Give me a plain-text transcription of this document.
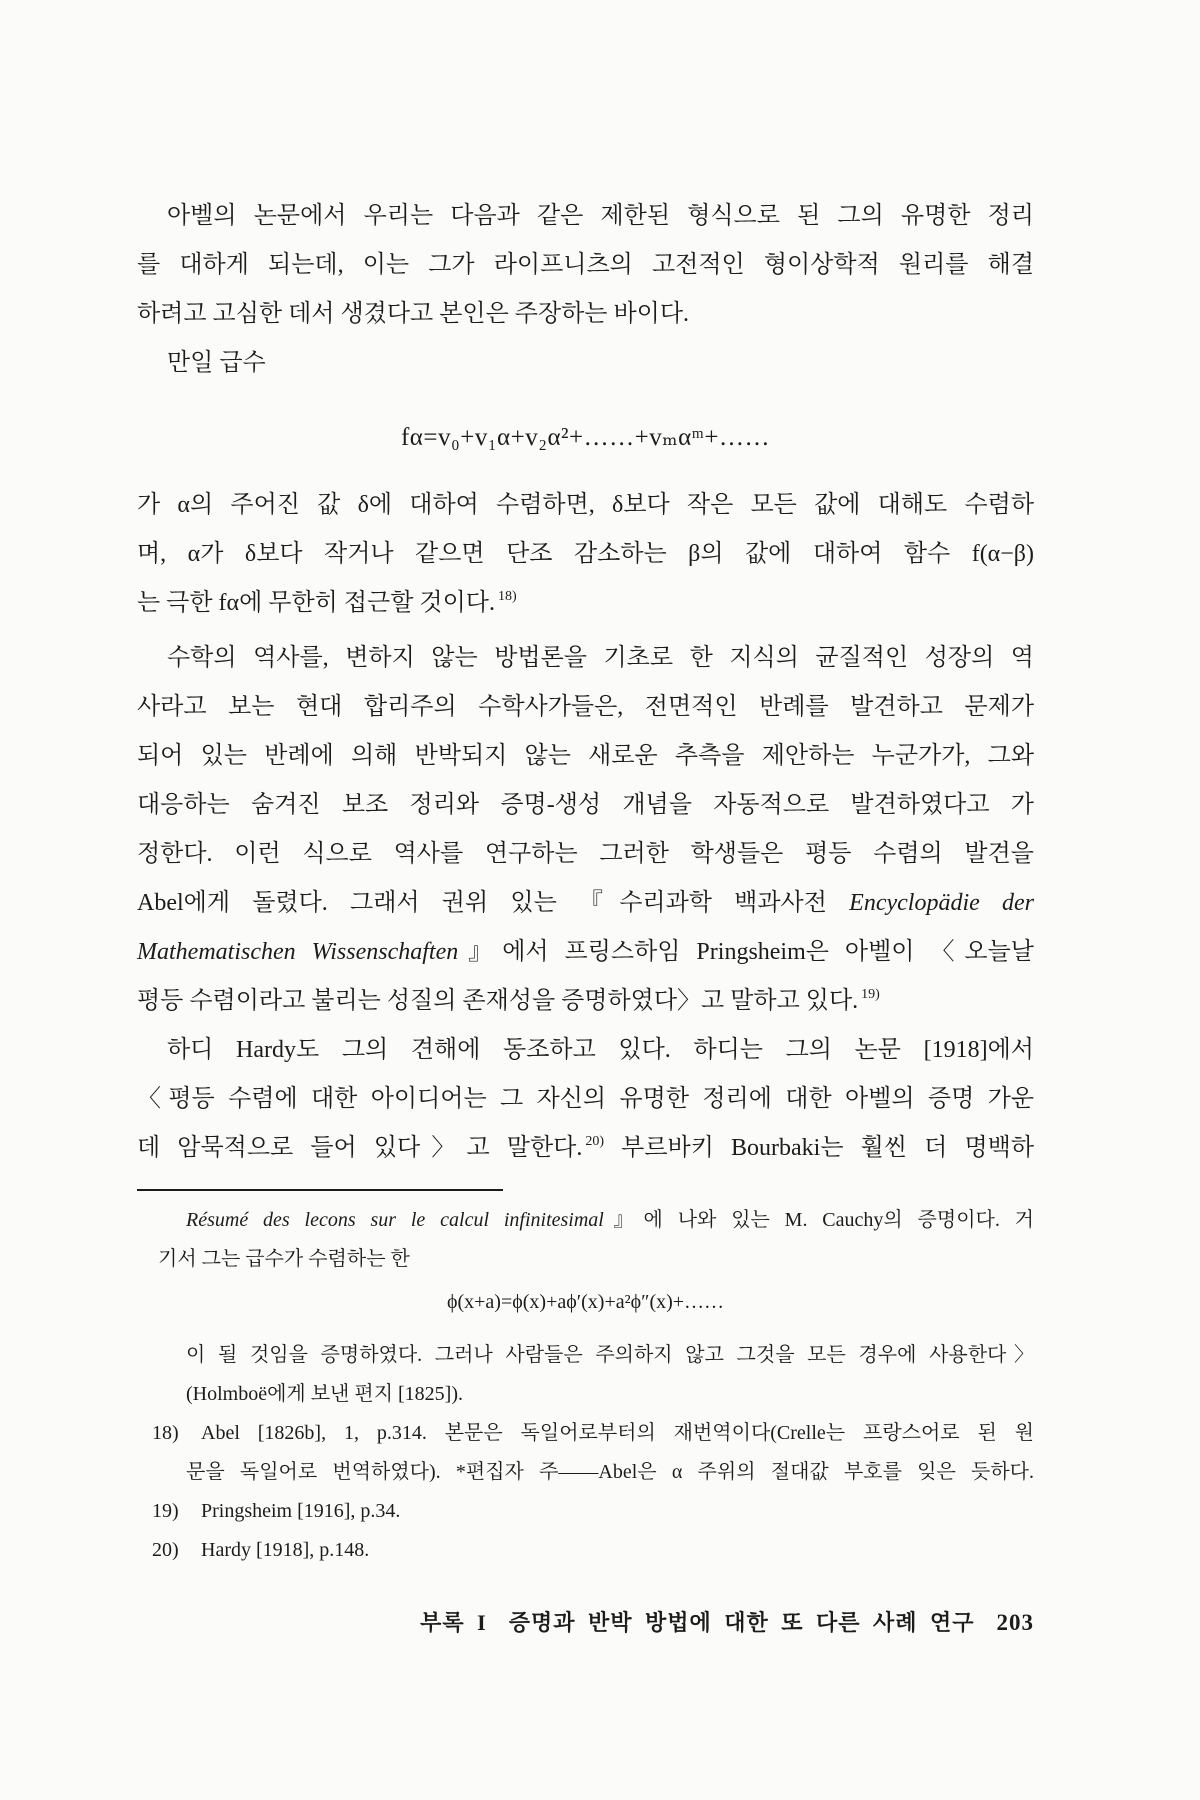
아벨의 논문에서 우리는 다음과 같은 제한된 형식으로 된 그의 유명한 정리
를 대하게 되는데, 이는 그가 라이프니츠의 고전적인 형이상학적 원리를 해결
하려고 고심한 데서 생겼다고 본인은 주장하는 바이다.
만일 급수
fα=v₀+v₁α+v₂α²+……+vₘαᵐ+……
가 α의 주어진 값 δ에 대하여 수렴하면, δ보다 작은 모든 값에 대해도 수렴하
며, α가 δ보다 작거나 같으면 단조 감소하는 β의 값에 대하여 함수 f(α−β)
는 극한 fα에 무한히 접근할 것이다. $^{18)}$
수학의 역사를, 변하지 않는 방법론을 기초로 한 지식의 균질적인 성장의 역
사라고 보는 현대 합리주의 수학사가들은, 전면적인 반례를 발견하고 문제가
되어 있는 반례에 의해 반박되지 않는 새로운 추측을 제안하는 누군가가, 그와
대응하는 숨겨진 보조 정리와 증명-생성 개념을 자동적으로 발견하였다고 가
정한다. 이런 식으로 역사를 연구하는 그러한 학생들은 평등 수렴의 발견을
Abel에게 돌렸다. 그래서 권위 있는 『수리과학 백과사전 Encyclopädie der
Mathematischen Wissenschaften』에서 프링스하임 Pringsheim은 아벨이 〈오늘날
평등 수렴이라고 불리는 성질의 존재성을 증명하였다〉고 말하고 있다. $^{19)}$
하디 Hardy도 그의 견해에 동조하고 있다. 하디는 그의 논문 [1918]에서
〈평등 수렴에 대한 아이디어는 그 자신의 유명한 정리에 대한 아벨의 증명 가운
데 암묵적으로 들어 있다〉고 말한다. $^{20)}$ 부르바키 Bourbaki는 훨씬 더 명백하
Résumé des lecons sur le calcul infinitesimal』에 나와 있는 M. Cauchy의 증명이다. 거
기서 그는 급수가 수렴하는 한
ϕ(x+a)=ϕ(x)+aϕ′(x)+a²ϕ″(x)+……
이 될 것임을 증명하였다. 그러나 사람들은 주의하지 않고 그것을 모든 경우에 사용한다〉
(Holmboë에게 보낸 편지 [1825]).
18) Abel [1826b], 1, p.314. 본문은 독일어로부터의 재번역이다(Crelle는 프랑스어로 된 원
문을 독일어로 번역하였다). *편집자 주——Abel은 α 주위의 절대값 부호를 잊은 듯하다.
19) Pringsheim [1916], p.34.
20) Hardy [1918], p.148.
부록 I 증명과 반박 방법에 대한 또 다른 사례 연구 203
